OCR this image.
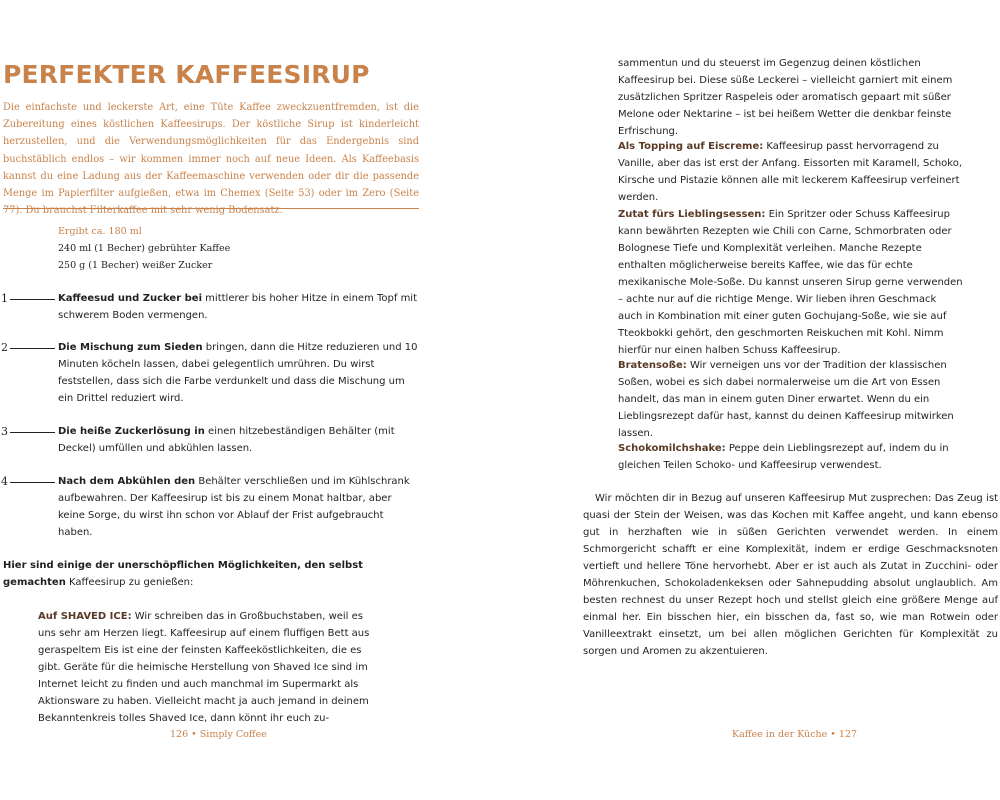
PERFEKTER KAFFEESIRUP

Die einfachste und leckerste Art, eine Tüte Kaffee zweckzuentfremden, ist die Zubereitung eines köstlichen Kaffeesirups. Der köstliche Sirup ist kinderleicht herzustellen, und die Verwendungsmöglichkeiten für das Endergebnis sind buchstäblich endlos – wir kommen immer noch auf neue Ideen. Als Kaffeebasis kannst du eine Ladung aus der Kaffeemaschine verwenden oder dir die passende Menge im Papierfilter aufgießen, etwa im Chemex (Seite 53) oder im Zero (Seite 77). Du brauchst Filterkaffee mit sehr wenig Bodensatz.

Ergibt ca. 180 ml
240 ml (1 Becher) gebrühter Kaffee
250 g (1 Becher) weißer Zucker
1	Kaffeesud und Zucker bei mittlerer bis hoher Hitze in einem Topf mit schwerem Boden vermengen.

2	Die Mischung zum Sieden bringen, dann die Hitze reduzieren und 10 Minuten köcheln lassen, dabei gelegentlich umrühren. Du wirst feststellen, dass sich die Farbe verdunkelt und dass die Mischung um ein Drittel reduziert wird.

3	Die heiße Zuckerlösung in einen hitzebeständigen Behälter (mit Deckel) umfüllen und abkühlen lassen.

4	Nach dem Abkühlen den Behälter verschließen und im Kühlschrank aufbewahren. Der Kaffeesirup ist bis zu einem Monat haltbar, aber keine Sorge, du wirst ihn schon vor Ablauf der Frist aufgebraucht haben.

Hier sind einige der unerschöpflichen Möglichkeiten, den selbst gemachten Kaffeesirup zu genießen:

Auf SHAVED ICE: Wir schreiben das in Großbuchstaben, weil es uns sehr am Herzen liegt. Kaffeesirup auf einem fluffigen Bett aus geraspeltem Eis ist eine der feinsten Kaffeeköstlichkeiten, die es gibt. Geräte für die heimische Herstellung von Shaved Ice sind im Internet leicht zu finden und auch manchmal im Supermarkt als Aktionsware zu haben. Vielleicht macht ja auch jemand in deinem Bekanntenkreis tolles Shaved Ice, dann könnt ihr euch zu-

126 • Simply Coffee

sammentun und du steuerst im Gegenzug deinen köstlichen Kaffeesirup bei. Diese süße Leckerei – vielleicht garniert mit einem zusätzlichen Spritzer Raspeleis oder aromatisch gepaart mit süßer Melone oder Nektarine – ist bei heißem Wetter die denkbar feinste Erfrischung.

Als Topping auf Eiscreme: Kaffeesirup passt hervorragend zu Vanille, aber das ist erst der Anfang. Eissorten mit Karamell, Schoko, Kirsche und Pistazie können alle mit leckerem Kaffeesirup verfeinert werden.

Zutat fürs Lieblingsessen: Ein Spritzer oder Schuss Kaffeesirup kann bewährten Rezepten wie Chili con Carne, Schmorbraten oder Bolognese Tiefe und Komplexität verleihen. Manche Rezepte enthalten möglicherweise bereits Kaffee, wie das für echte mexikanische Mole-Soße. Du kannst unseren Sirup gerne verwenden – achte nur auf die richtige Menge. Wir lieben ihren Geschmack auch in Kombination mit einer guten Gochujang-Soße, wie sie auf Tteokbokki gehört, den geschmorten Reiskuchen mit Kohl. Nimm hierfür nur einen halben Schuss Kaffeesirup.

Bratensoße: Wir verneigen uns vor der Tradition der klassischen Soßen, wobei es sich dabei normalerweise um die Art von Essen handelt, das man in einem guten Diner erwartet. Wenn du ein Lieblingsrezept dafür hast, kannst du deinen Kaffeesirup mitwirken lassen.

Schokomilchshake: Peppe dein Lieblingsrezept auf, indem du in gleichen Teilen Schoko- und Kaffeesirup verwendest.

Wir möchten dir in Bezug auf unseren Kaffeesirup Mut zusprechen: Das Zeug ist quasi der Stein der Weisen, was das Kochen mit Kaffee angeht, und kann ebenso gut in herzhaften wie in süßen Gerichten verwendet werden. In einem Schmorgericht schafft er eine Komplexität, indem er erdige Geschmacksnoten vertieft und hellere Töne hervorhebt. Aber er ist auch als Zutat in Zucchini- oder Möhrenkuchen, Schokoladenkeksen oder Sahnepudding absolut unglaublich. Am besten rechnest du unser Rezept hoch und stellst gleich eine größere Menge auf einmal her. Ein bisschen hier, ein bisschen da, fast so, wie man Rotwein oder Vanilleextrakt einsetzt, um bei allen möglichen Gerichten für Komplexität zu sorgen und Aromen zu akzentuieren.

Kaffee in der Küche • 127
